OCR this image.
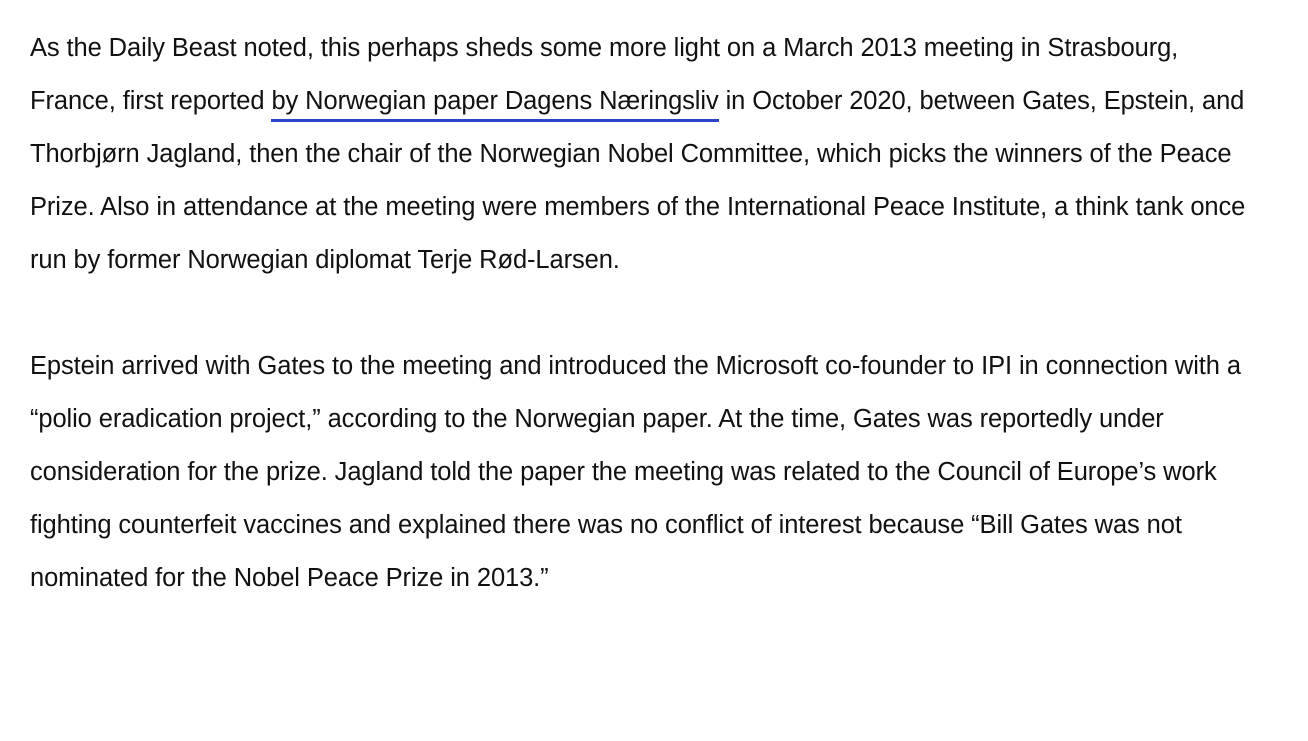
As the Daily Beast noted, this perhaps sheds some more light on a March 2013 meeting in Strasbourg, France, first reported by Norwegian paper Dagens Næringsliv in October 2020, between Gates, Epstein, and Thorbjørn Jagland, then the chair of the Norwegian Nobel Committee, which picks the winners of the Peace Prize. Also in attendance at the meeting were members of the International Peace Institute, a think tank once run by former Norwegian diplomat Terje Rød-Larsen.

Epstein arrived with Gates to the meeting and introduced the Microsoft co-founder to IPI in connection with a “polio eradication project,” according to the Norwegian paper. At the time, Gates was reportedly under consideration for the prize. Jagland told the paper the meeting was related to the Council of Europe’s work fighting counterfeit vaccines and explained there was no conflict of interest because “Bill Gates was not nominated for the Nobel Peace Prize in 2013.”
